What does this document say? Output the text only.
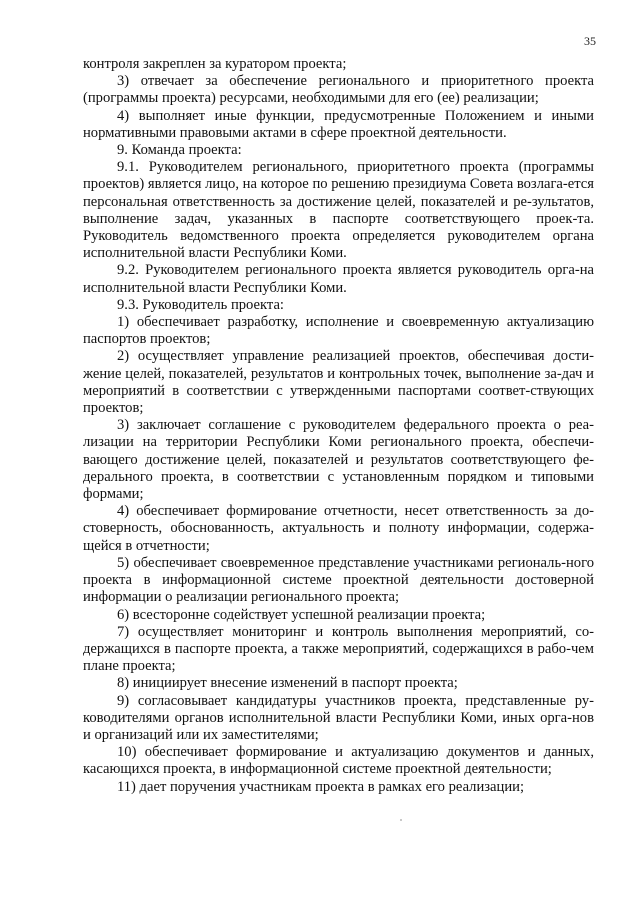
35

контроля закреплен за куратором проекта;

3) отвечает за обеспечение регионального и приоритетного проекта (программы проекта) ресурсами, необходимыми для его (ее) реализации;

4) выполняет иные функции, предусмотренные Положением и иными нормативными правовыми актами в сфере проектной деятельности.

9. Команда проекта:

9.1. Руководителем регионального, приоритетного проекта (программы проектов) является лицо, на которое по решению президиума Совета возлага-ется персональная ответственность за достижение целей, показателей и ре-зультатов, выполнение задач, указанных в паспорте соответствующего проек-та. Руководитель ведомственного проекта определяется руководителем органа исполнительной власти Республики Коми.

9.2. Руководителем регионального проекта является руководитель орга-на исполнительной власти Республики Коми.

9.3. Руководитель проекта:

1) обеспечивает разработку, исполнение и своевременную актуализацию паспортов проектов;

2) осуществляет управление реализацией проектов, обеспечивая дости-жение целей, показателей, результатов и контрольных точек, выполнение за-дач и мероприятий в соответствии с утвержденными паспортами соответ-ствующих проектов;

3) заключает соглашение с руководителем федерального проекта о реа-лизации на территории Республики Коми регионального проекта, обеспечи-вающего достижение целей, показателей и результатов соответствующего фе-дерального проекта, в соответствии с установленным порядком и типовыми формами;

4) обеспечивает формирование отчетности, несет ответственность за до-стоверность, обоснованность, актуальность и полноту информации, содержа-щейся в отчетности;

5) обеспечивает своевременное представление участниками региональ-ного проекта в информационной системе проектной деятельности достоверной информации о реализации регионального проекта;

6) всесторонне содействует успешной реализации проекта;

7) осуществляет мониторинг и контроль выполнения мероприятий, со-держащихся в паспорте проекта, а также мероприятий, содержащихся в рабо-чем плане проекта;

8) инициирует внесение изменений в паспорт проекта;

9) согласовывает кандидатуры участников проекта, представленные ру-ководителями органов исполнительной власти Республики Коми, иных орга-нов и организаций или их заместителями;

10) обеспечивает формирование и актуализацию документов и данных, касающихся проекта, в информационной системе проектной деятельности;

11) дает поручения участникам проекта в рамках его реализации;
